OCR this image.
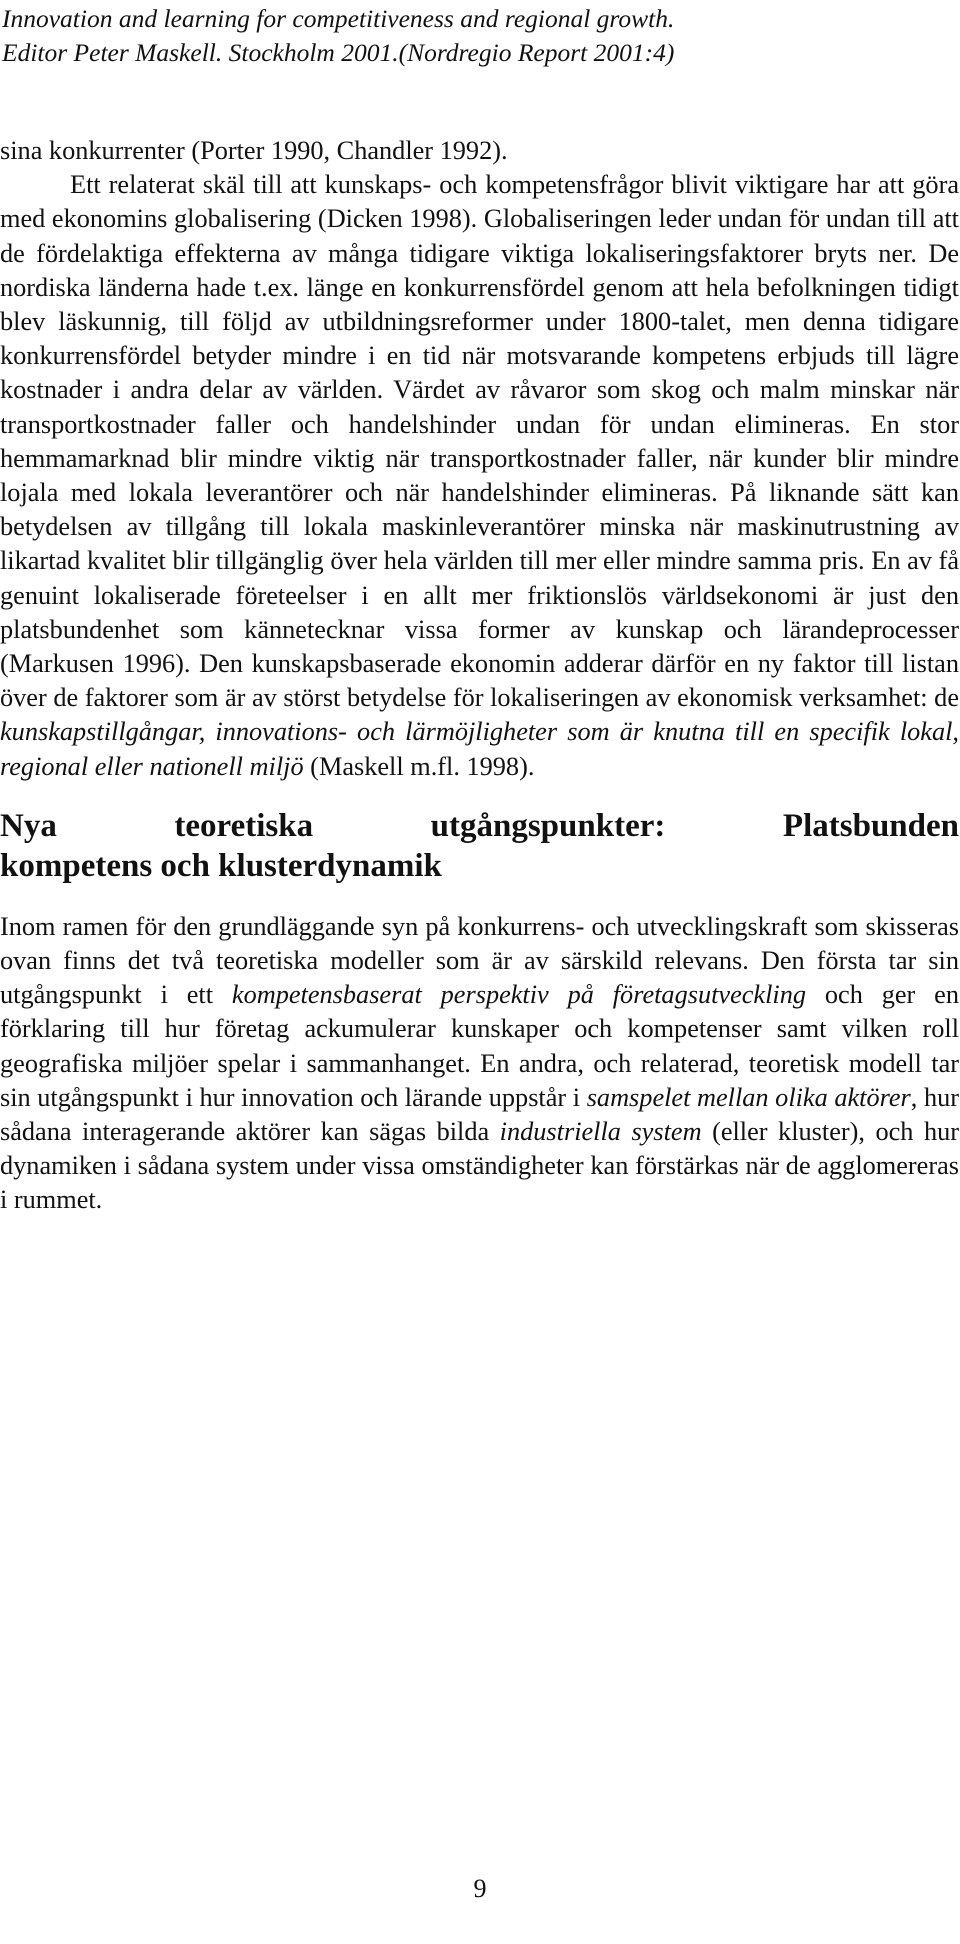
Innovation and learning for competitiveness and regional growth.
Editor Peter Maskell. Stockholm 2001.(Nordregio Report 2001:4)

sina konkurrenter (Porter 1990, Chandler 1992).

Ett relaterat skäl till att kunskaps- och kompetensfrågor blivit viktigare har att göra med ekonomins globalisering (Dicken 1998). Globaliseringen leder undan för undan till att de fördelaktiga effekterna av många tidigare viktiga lokaliseringsfaktorer bryts ner. De nordiska länderna hade t.ex. länge en konkurrensfördel genom att hela befolkningen tidigt blev läskunnig, till följd av utbildningsreformer under 1800-talet, men denna tidigare konkurrensfördel betyder mindre i en tid när motsvarande kompetens erbjuds till lägre kostnader i andra delar av världen. Värdet av råvaror som skog och malm minskar när transportkostnader faller och handelshinder undan för undan elimineras. En stor hemmamarknad blir mindre viktig när transportkostnader faller, när kunder blir mindre lojala med lokala leverantörer och när handelshinder elimineras. På liknande sätt kan betydelsen av tillgång till lokala maskinleverantörer minska när maskinutrustning av likartad kvalitet blir tillgänglig över hela världen till mer eller mindre samma pris. En av få genuint lokaliserade företeelser i en allt mer friktionslös världsekonomi är just den platsbundenhet som kännetecknar vissa former av kunskap och lärandeprocesser (Markusen 1996). Den kunskapsbaserade ekonomin adderar därför en ny faktor till listan över de faktorer som är av störst betydelse för lokaliseringen av ekonomisk verksamhet: de kunskapstillgångar, innovations- och lärmöjligheter som är knutna till en specifik lokal, regional eller nationell miljö (Maskell m.fl. 1998).

Nya teoretiska utgångspunkter: Platsbunden
kompetens och klusterdynamik

Inom ramen för den grundläggande syn på konkurrens- och utvecklingskraft som skisseras ovan finns det två teoretiska modeller som är av särskild relevans. Den första tar sin utgångspunkt i ett kompetensbaserat perspektiv på företagsutveckling och ger en förklaring till hur företag ackumulerar kunskaper och kompetenser samt vilken roll geografiska miljöer spelar i sammanhanget. En andra, och relaterad, teoretisk modell tar sin utgångspunkt i hur innovation och lärande uppstår i samspelet mellan olika aktörer, hur sådana interagerande aktörer kan sägas bilda industriella system (eller kluster), och hur dynamiken i sådana system under vissa omständigheter kan förstärkas när de agglomereras i rummet.

9
